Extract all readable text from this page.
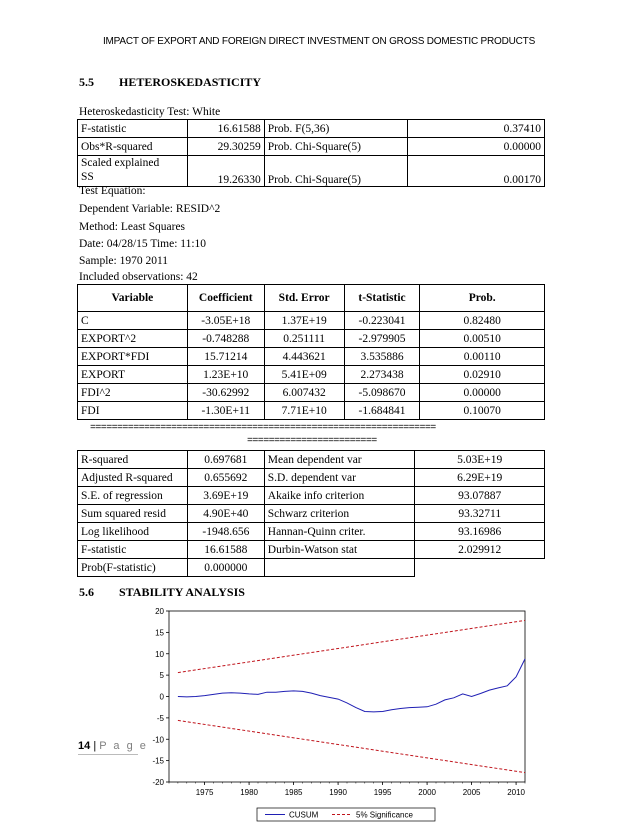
IMPACT OF EXPORT AND FOREIGN DIRECT INVESTMENT ON GROSS DOMESTIC PRODUCTS
5.5 HETEROSKEDASTICITY
Heteroskedasticity Test: White
F-statistic	16.61588	Prob. F(5,36)	0.37410
Obs*R-squared	29.30259	Prob. Chi-Square(5)	0.00000
Scaled explained
SS	19.26330	Prob. Chi-Square(5)	0.00170
Test Equation:
Dependent Variable: RESID^2
Method: Least Squares
Date: 04/28/15 Time: 11:10
Sample: 1970 2011
Included observations: 42
Variable	Coefficient	Std. Error	t-Statistic	Prob.
C	-3.05E+18	1.37E+19	-0.223041	0.82480
EXPORT^2	-0.748288	0.251111	-2.979905	0.00510
EXPORT*FDI	15.71214	4.443621	3.535886	0.00110
EXPORT	1.23E+10	5.41E+09	2.273438	0.02910
FDI^2	-30.62992	6.007432	-5.098670	0.00000
FDI	-1.30E+11	7.71E+10	-1.684841	0.10070
================================================================
========================
R-squared	0.697681	Mean dependent var	5.03E+19
Adjusted R-squared	0.655692	S.D. dependent var	6.29E+19
S.E. of regression	3.69E+19	Akaike info criterion	93.07887
Sum squared resid	4.90E+40	Schwarz criterion	93.32711
Log likelihood	-1948.656	Hannan-Quinn criter.	93.16986
F-statistic	16.61588	Durbin-Watson stat	2.029912
Prob(F-statistic)	0.000000		
5.6 STABILITY ANALYSIS
-20
-15
-10
-5
0
5
10
15
20
1975	1980	1985	1990	1995	2000	2005	2010
CUSUM	5% Significance
14 | P a g e
